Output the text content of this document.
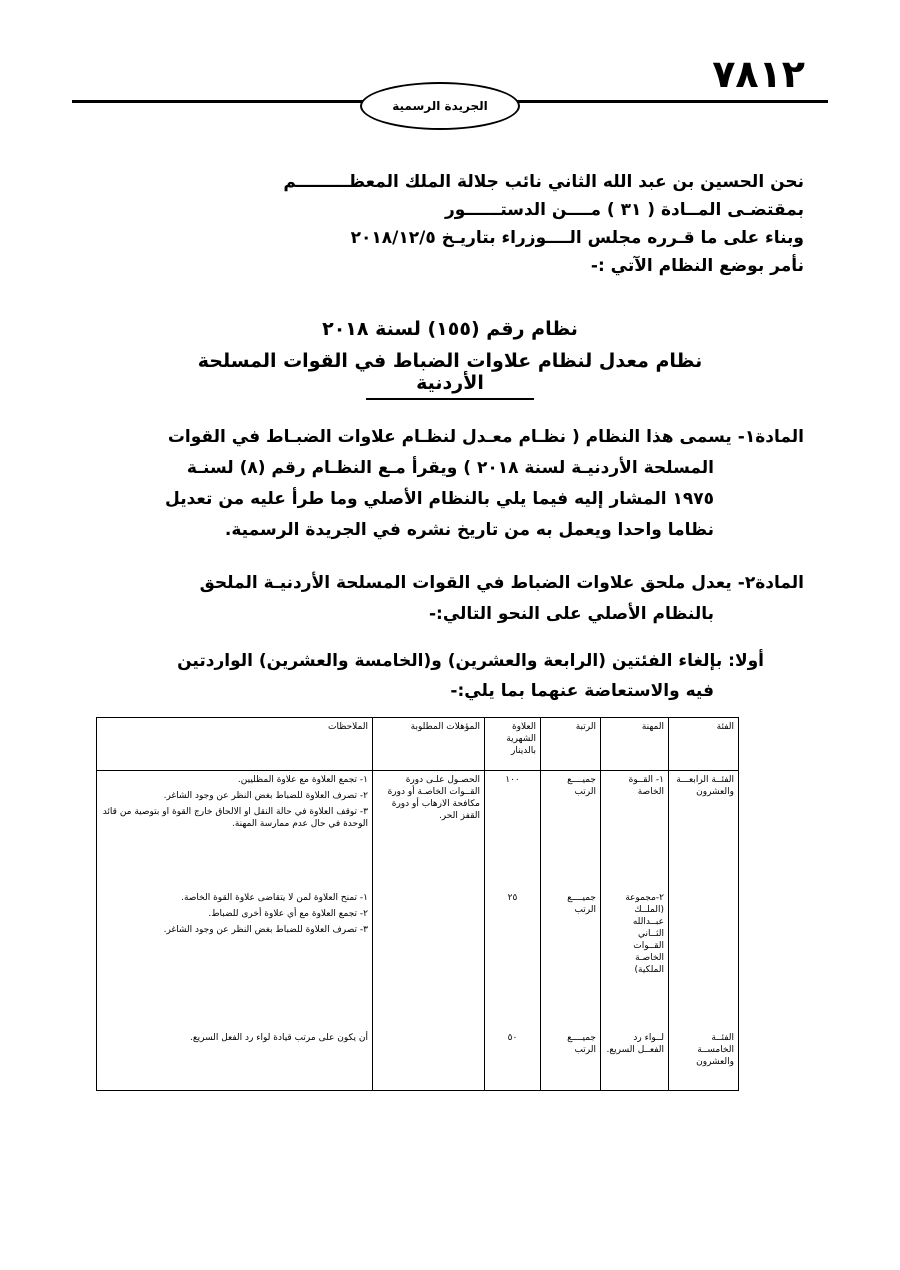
٧٨١٢
الجريدة الرسمية
نحن الحسين بن عبد الله الثاني نائب جلالة الملك المعظـــــــــم
بمقتضـى المــادة ( ٣١ ) مــــن الدستــــــور
وبناء على ما قـرره مجلس الــــوزراء بتاريـخ ٢٠١٨/١٢/٥
نأمر بوضع النظام الآتي :-
نظام رقم (١٥٥) لسنة ٢٠١٨
نظام معدل لنظام علاوات الضباط في القوات المسلحة الأردنية
المادة١-
يسمى هذا النظام ( نظـام معـدل لنظـام علاوات الضبـاط في القوات
المسلحة الأردنيـة لسنة ٢٠١٨ ) ويقرأ مـع النظـام رقم (٨) لسنـة
١٩٧٥ المشار إليه فيما يلي بالنظام الأصلي وما طرأ عليه من تعديل
نظاما واحدا ويعمل به من تاريخ نشره في الجريدة الرسمية.
المادة٢-
يعدل ملحق علاوات الضباط في القوات المسلحة الأردنيـة الملحق
بالنظام الأصلي على النحو التالي:-
أولا: بإلغاء الفئتين (الرابعة والعشرين) و(الخامسة والعشرين) الواردتين
فيه والاستعاضة عنهما بما يلي:-
الفئة	المهنة	الرتبة	العلاوة الشهرية بالدينار	المؤهلات المطلوبة	الملاحظات
الفئــة الرابعـــة والعشرون	١- القــوة الخاصة	جميــــع الرتب	١٠٠	الحصـول علـى دورة القــوات الخاصـة أو دورة مكافحة الارهاب أو دورة القفز الحر.	١- تجمع العلاوة مع علاوة المظليين.
٢- تصرف العلاوة للضباط بغض النظر عن وجود الشاغر.
٣- توقف العلاوة في حالة النقل او الالحاق خارج القوة او بتوصية من قائد الوحدة في حال عدم ممارسة المهنة.

	٢-مجموعة (الملــك عبــدالله الثــاني القــوات الخاصـة الملكية)	جميــــع الرتب	٢٥		١- تمنح العلاوة لمن لا يتقاضى علاوة القوة الخاصة.
٢- تجمع العلاوة مع أي علاوة أخرى للضباط.
٣- تصرف العلاوة للضباط بغض النظر عن وجود الشاغر.

الفئــة الخامســة والعشرون	لــواء رد الفعــل السريع.	جميــــع الرتب	٥٠		أن يكون على مرتب قيادة لواء رد الفعل السريع.
